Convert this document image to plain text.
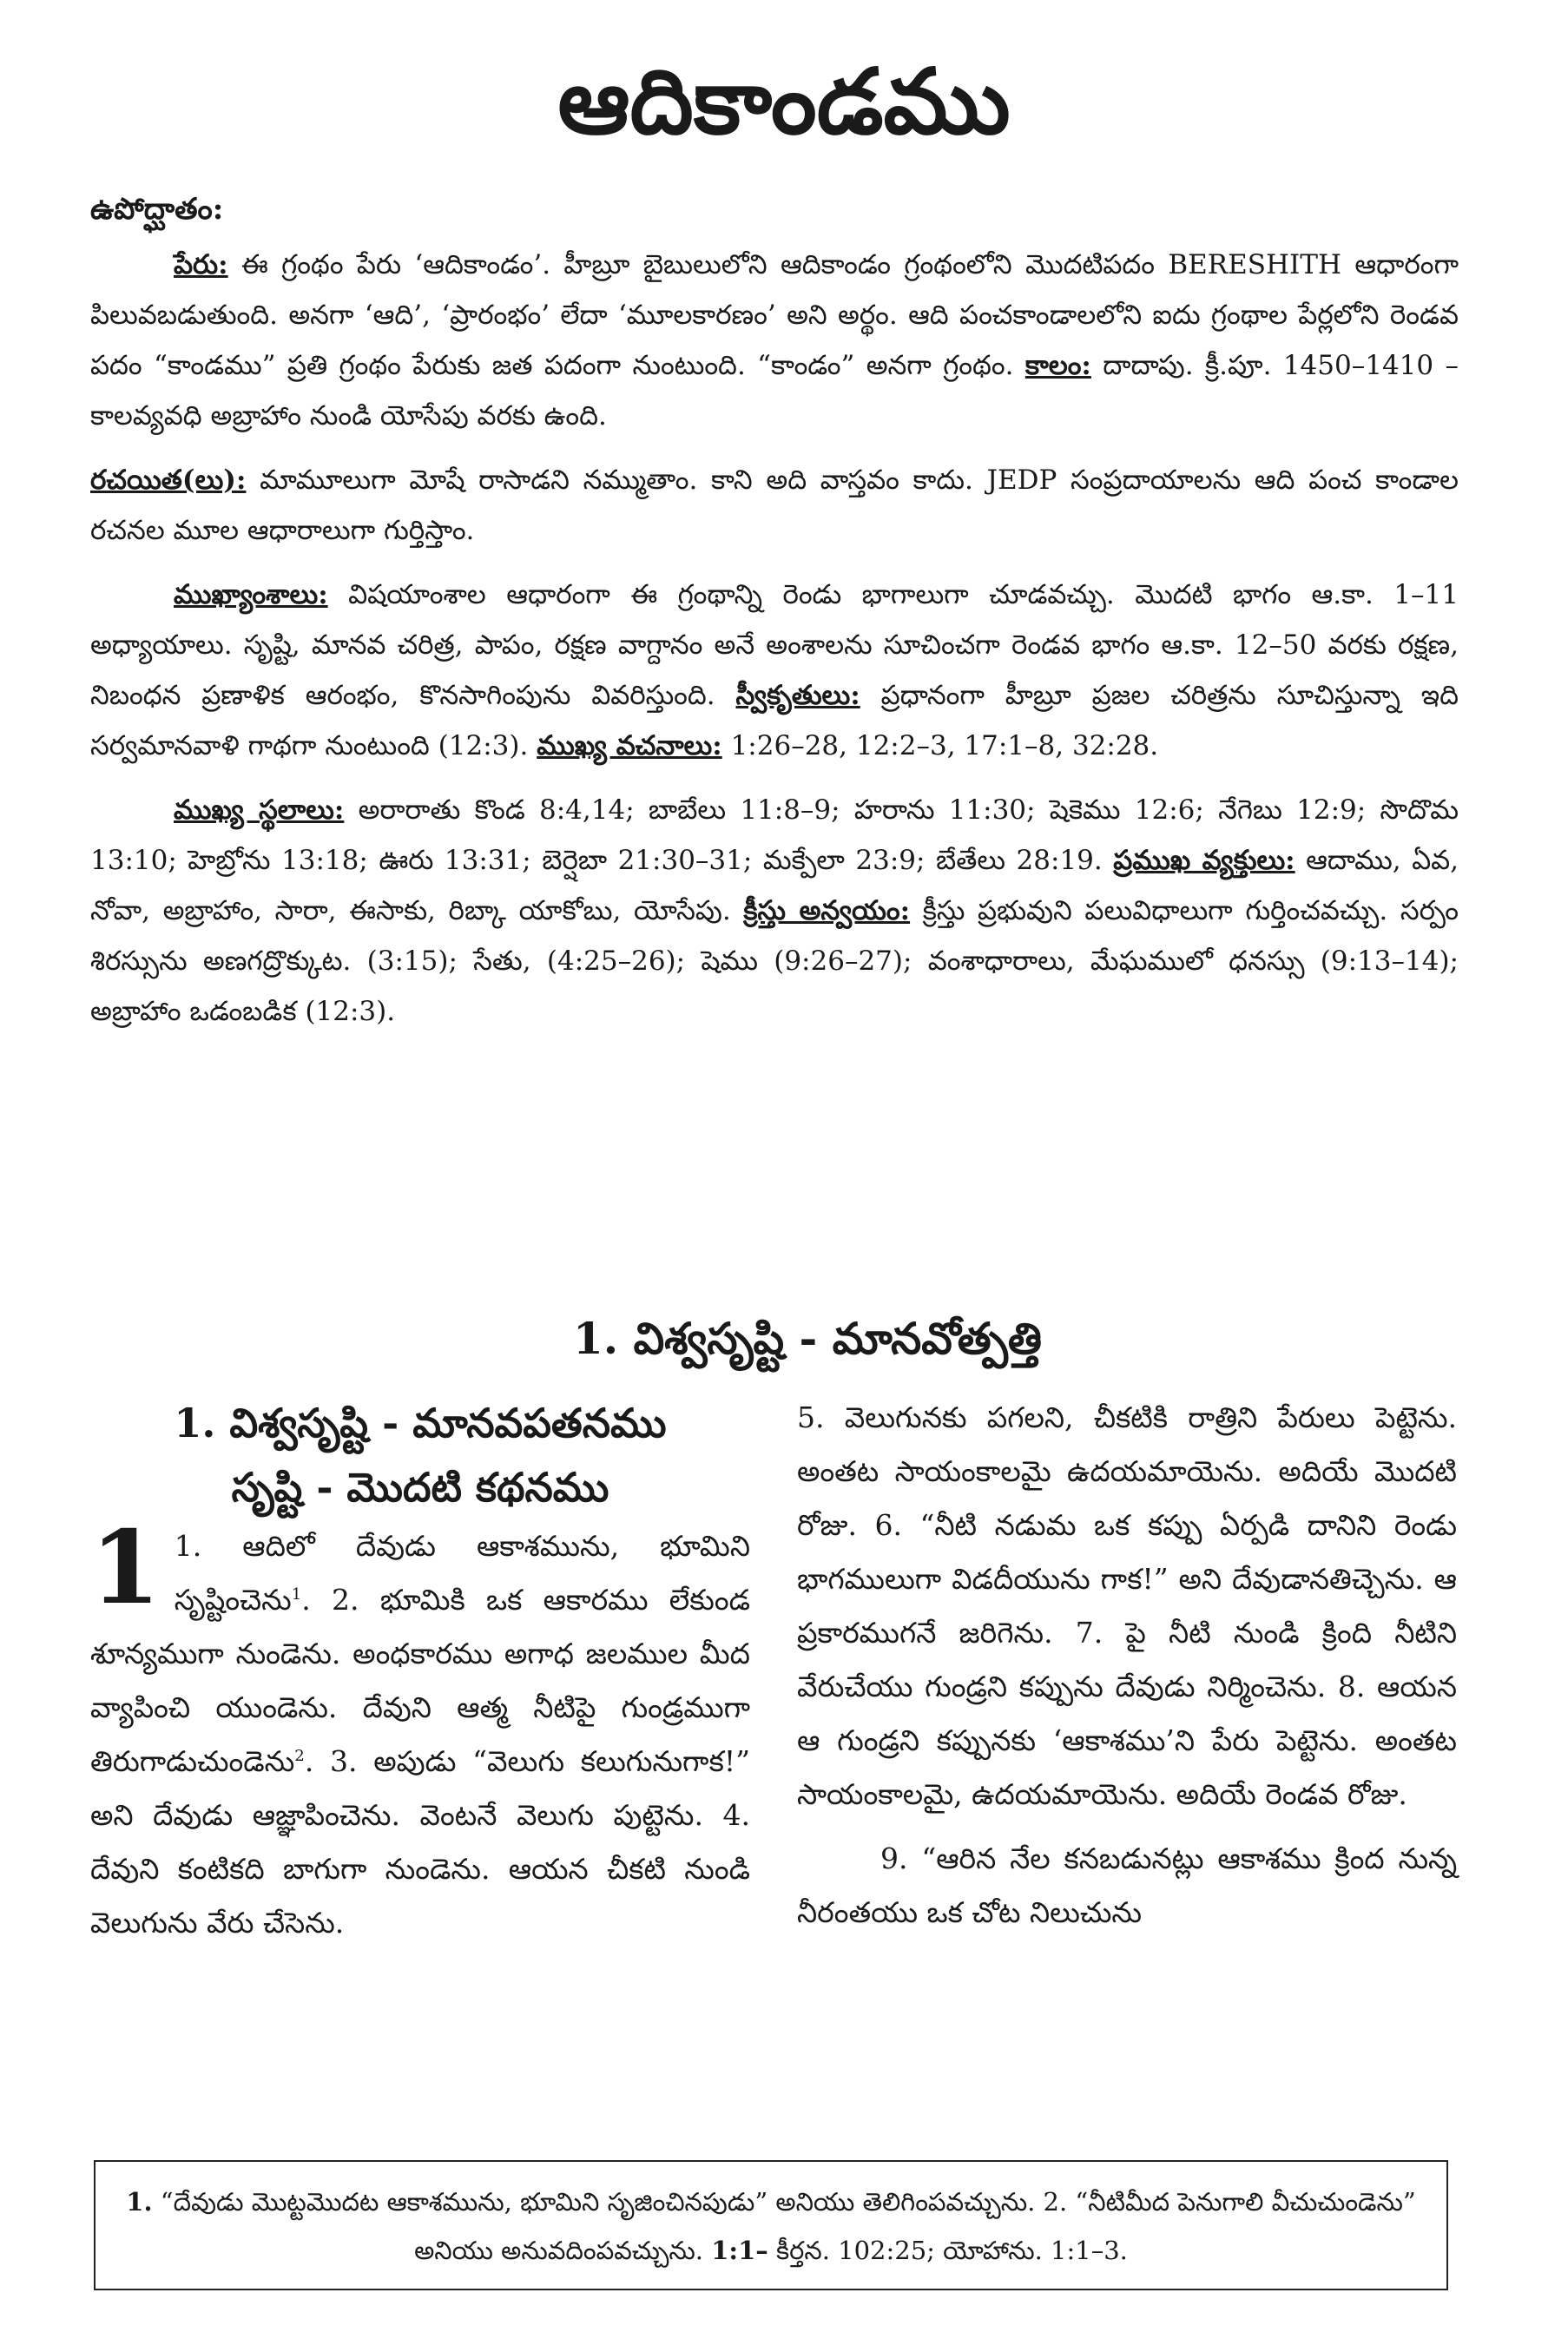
ఆదికాండము
ఉపోద్ఘాతం:

పేరు: ఈ గ్రంథం పేరు ‘ఆదికాండం’. హీబ్రూ బైబులులోని ఆదికాండం గ్రంథంలోని మొదటిపదం BERESHITH ఆధారంగా పిలువబడుతుంది. అనగా ‘ఆది’, ‘ప్రారంభం’ లేదా ‘మూలకారణం’ అని అర్థం. ఆది పంచకాండాలలోని ఐదు గ్రంథాల పేర్లలోని రెండవ పదం “కాండము” ప్రతి గ్రంథం పేరుకు జత పదంగా నుంటుంది. “కాండం” అనగా గ్రంథం. కాలం: దాదాపు. క్రీ.పూ. 1450–1410 – కాలవ్యవధి అబ్రాహాం నుండి యోసేపు వరకు ఉంది.

రచయిత(లు): మామూలుగా మోషే రాసాడని నమ్ముతాం. కాని అది వాస్తవం కాదు. JEDP సంప్రదాయాలను ఆది పంచ కాండాల రచనల మూల ఆధారాలుగా గుర్తిస్తాం.

ముఖ్యాంశాలు: విషయాంశాల ఆధారంగా ఈ గ్రంథాన్ని రెండు భాగాలుగా చూడవచ్చు. మొదటి భాగం ఆ.కా. 1–11 అధ్యాయాలు. సృష్టి, మానవ చరిత్ర, పాపం, రక్షణ వాగ్దానం అనే అంశాలను సూచించగా రెండవ భాగం ఆ.కా. 12–50 వరకు రక్షణ, నిబంధన ప్రణాళిక ఆరంభం, కొనసాగింపును వివరిస్తుంది. స్వీకృతులు: ప్రధానంగా హీబ్రూ ప్రజల చరిత్రను సూచిస్తున్నా ఇది సర్వమానవాళి గాథగా నుంటుంది (12:3). ముఖ్య వచనాలు: 1:26–28, 12:2–3, 17:1–8, 32:28.

ముఖ్య స్థలాలు: అరారాతు కొండ 8:4,14; బాబేలు 11:8–9; హరాను 11:30; షెకెము 12:6; నేగెబు 12:9; సొదొమ 13:10; హెబ్రోను 13:18; ఊరు 13:31; బెర్షెబా 21:30–31; మక్పేలా 23:9; బేతేలు 28:19. ప్రముఖ వ్యక్తులు: ఆదాము, ఏవ, నోవా, అబ్రాహాం, సారా, ఈసాకు, రిబ్కా యాకోబు, యోసేపు. క్రీస్తు అన్వయం: క్రీస్తు ప్రభువుని పలువిధాలుగా గుర్తించవచ్చు. సర్పం శిరస్సును అణగద్రొక్కుట. (3:15); సేతు, (4:25–26); షెము (9:26–27); వంశాధారాలు, మేఘములో ధనస్సు (9:13–14); అబ్రాహాం ఒడంబడిక (12:3).

1. విశ్వసృష్టి - మానవోత్పత్తి
1. విశ్వసృష్టి - మానవపతనము
సృష్టి - మొదటి కథనము

1 1. ఆదిలో దేవుడు ఆకాశమును, భూమిని సృష్టించెను$^1$. 2. భూమికి ఒక ఆకారము లేకుండ శూన్యముగా నుండెను. అంధకారము అగాధ జలముల మీద వ్యాపించి యుండెను. దేవుని ఆత్మ నీటిపై గుండ్రముగా తిరుగాడుచుండెను$^2$. 3. అపుడు “వెలుగు కలుగునుగాక!” అని దేవుడు ఆజ్ఞాపించెను. వెంటనే వెలుగు పుట్టెను. 4. దేవుని కంటికది బాగుగా నుండెను. ఆయన చీకటి నుండి వెలుగును వేరు చేసెను.

5. వెలుగునకు పగలని, చీకటికి రాత్రిని పేరులు పెట్టెను. అంతట సాయంకాలమై ఉదయమాయెను. అదియే మొదటి రోజు. 6. “నీటి నడుమ ఒక కప్పు ఏర్పడి దానిని రెండు భాగములుగా విడదీయును గాక!” అని దేవుడానతిచ్చెను. ఆ ప్రకారముగనే జరిగెను. 7. పై నీటి నుండి క్రింది నీటిని వేరుచేయు గుండ్రని కప్పును దేవుడు నిర్మించెను. 8. ఆయన ఆ గుండ్రని కప్పునకు ‘ఆకాశము’ని పేరు పెట్టెను. అంతట సాయంకాలమై, ఉదయమాయెను. అదియే రెండవ రోజు.

9. “ఆరిన నేల కనబడునట్లు ఆకాశము క్రింద నున్న నీరంతయు ఒక చోట నిలుచును

1. “దేవుడు మొట్టమొదట ఆకాశమును, భూమిని సృజించినపుడు” అనియు తెలిగింపవచ్చును. 2. “నీటిమీద పెనుగాలి వీచుచుండెను” అనియు అనువదింపవచ్చును. 1:1– కీర్తన. 102:25; యోహాను. 1:1–3.
